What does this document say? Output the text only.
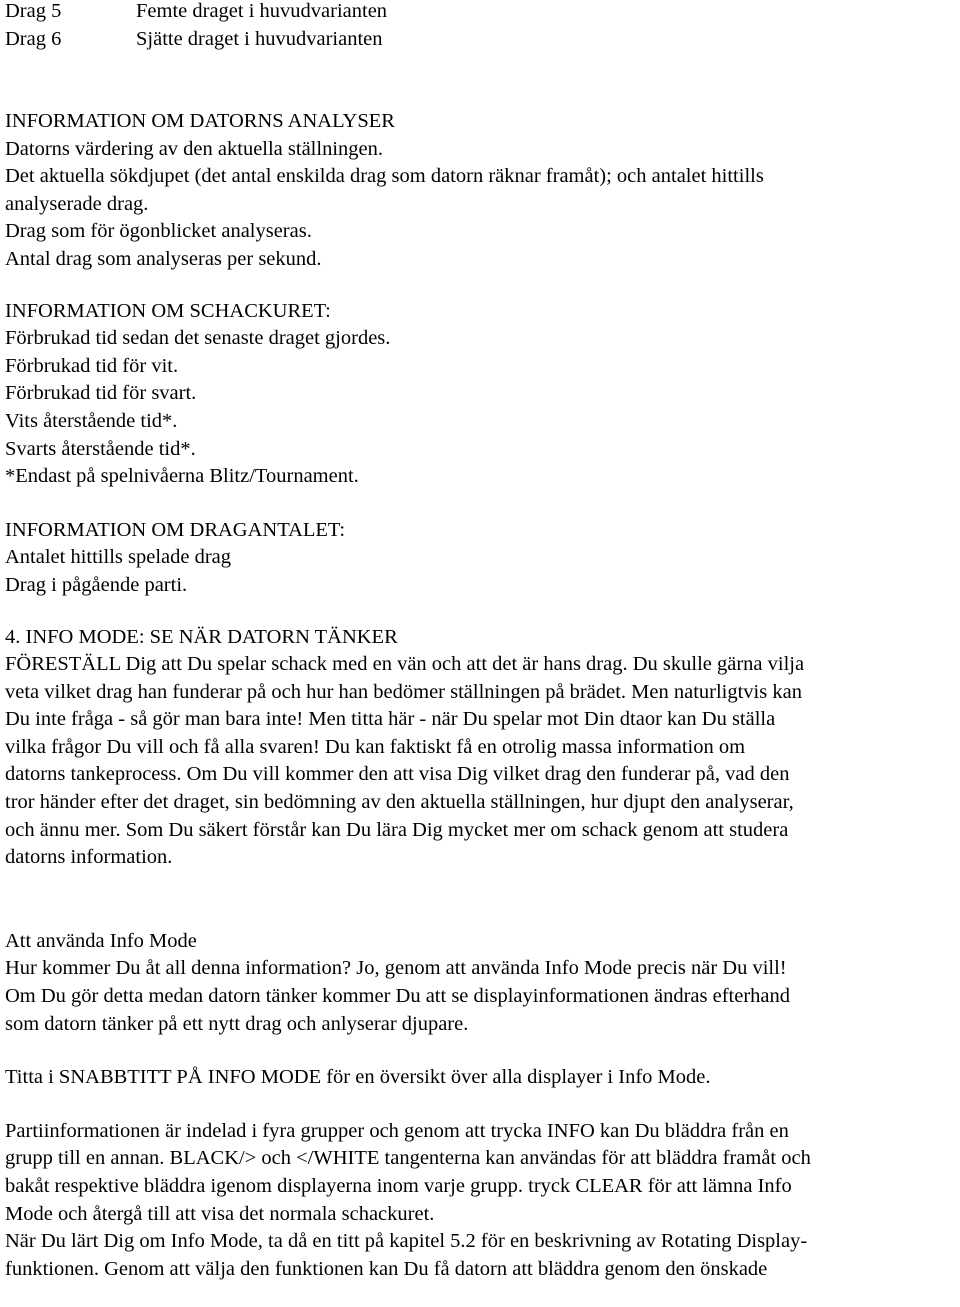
Drag 5	Femte draget i huvudvarianten
Drag 6	Sjätte draget i huvudvarianten
INFORMATION OM DATORNS ANALYSER
Datorns värdering av den aktuella ställningen.
Det aktuella sökdjupet (det antal enskilda drag som datorn räknar framåt); och antalet hittills
analyserade drag.
Drag som för ögonblicket analyseras.
Antal drag som analyseras per sekund.
INFORMATION OM SCHACKURET:
Förbrukad tid sedan det senaste draget gjordes.
Förbrukad tid för vit.
Förbrukad tid för svart.
Vits återstående tid*.
Svarts återstående tid*.
*Endast på spelnivåerna Blitz/Tournament.
INFORMATION OM DRAGANTALET:
Antalet hittills spelade drag
Drag i pågående parti.
4. INFO MODE: SE NÄR DATORN TÄNKER
FÖRESTÄLL Dig att Du spelar schack med en vän och att det är hans drag. Du skulle gärna vilja
veta vilket drag han funderar på och hur han bedömer ställningen på brädet. Men naturligtvis kan
Du inte fråga - så gör man bara inte! Men titta här - när Du spelar mot Din dtaor kan Du ställa
vilka frågor Du vill och få alla svaren! Du kan faktiskt få en otrolig massa information om
datorns tankeprocess. Om Du vill kommer den att visa Dig vilket drag den funderar på, vad den
tror händer efter det draget, sin bedömning av den aktuella ställningen, hur djupt den analyserar,
och ännu mer. Som Du säkert förstår kan Du lära Dig mycket mer om schack genom att studera
datorns information.
Att använda Info Mode
Hur kommer Du åt all denna information? Jo, genom att använda Info Mode precis när Du vill!
Om Du gör detta medan datorn tänker kommer Du att se displayinformationen ändras efterhand
som datorn tänker på ett nytt drag och anlyserar djupare.
Titta i SNABBTITT PÅ INFO MODE för en översikt över alla displayer i Info Mode.
Partiinformationen är indelad i fyra grupper och genom att trycka INFO kan Du bläddra från en
grupp till en annan. BLACK/> och </WHITE tangenterna kan användas för att bläddra framåt och
bakåt respektive bläddra igenom displayerna inom varje grupp. tryck CLEAR för att lämna Info
Mode och återgå till att visa det normala schackuret.
När Du lärt Dig om Info Mode, ta då en titt på kapitel 5.2 för en beskrivning av Rotating Display-
funktionen. Genom att välja den funktionen kan Du få datorn att bläddra genom den önskade
